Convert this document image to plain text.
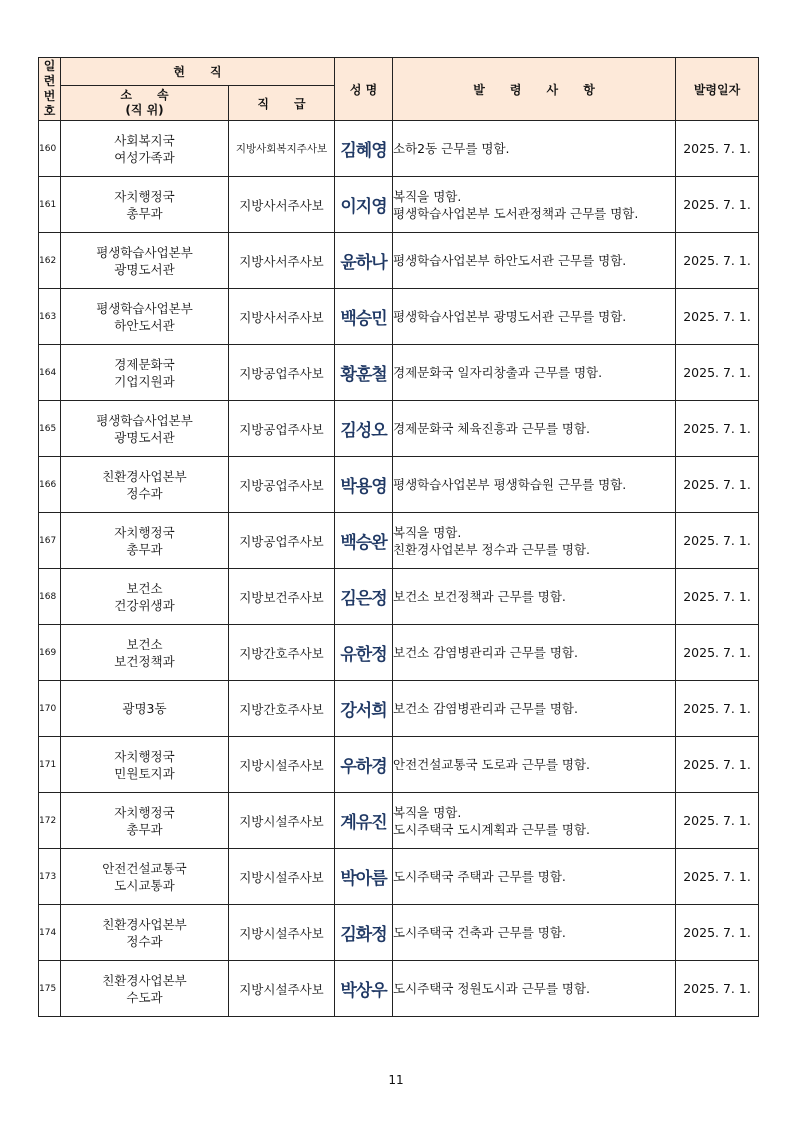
일
련
번
호	현      직		성 명	발      령      사      항	발령일자

	소      속
(직 위)	직      급			
160	사회복지국
여성가족과	지방사회복지주사보	김혜영	소하2동 근무를 명함.	2025. 7. 1.
161	자치행정국
총무과	지방사서주사보	이지영	복직을 명함.
평생학습사업본부 도서관정책과 근무를 명함.	2025. 7. 1.
162	평생학습사업본부
광명도서관	지방사서주사보	윤하나	평생학습사업본부 하안도서관 근무를 명함.	2025. 7. 1.
163	평생학습사업본부
하안도서관	지방사서주사보	백승민	평생학습사업본부 광명도서관 근무를 명함.	2025. 7. 1.
164	경제문화국
기업지원과	지방공업주사보	황훈철	경제문화국 일자리창출과 근무를 명함.	2025. 7. 1.
165	평생학습사업본부
광명도서관	지방공업주사보	김성오	경제문화국 체육진흥과 근무를 명함.	2025. 7. 1.
166	친환경사업본부
정수과	지방공업주사보	박용영	평생학습사업본부 평생학습원 근무를 명함.	2025. 7. 1.
167	자치행정국
총무과	지방공업주사보	백승완	복직을 명함.
친환경사업본부 정수과 근무를 명함.	2025. 7. 1.
168	보건소
건강위생과	지방보건주사보	김은정	보건소 보건정책과 근무를 명함.	2025. 7. 1.
169	보건소
보건정책과	지방간호주사보	유한정	보건소 감염병관리과 근무를 명함.	2025. 7. 1.
170	광명3동	지방간호주사보	강서희	보건소 감염병관리과 근무를 명함.	2025. 7. 1.
171	자치행정국
민원토지과	지방시설주사보	우하경	안전건설교통국 도로과 근무를 명함.	2025. 7. 1.
172	자치행정국
총무과	지방시설주사보	계유진	복직을 명함.
도시주택국 도시계획과 근무를 명함.	2025. 7. 1.
173	안전건설교통국
도시교통과	지방시설주사보	박아름	도시주택국 주택과 근무를 명함.	2025. 7. 1.
174	친환경사업본부
정수과	지방시설주사보	김화정	도시주택국 건축과 근무를 명함.	2025. 7. 1.
175	친환경사업본부
수도과	지방시설주사보	박상우	도시주택국 정원도시과 근무를 명함.	2025. 7. 1.
11
